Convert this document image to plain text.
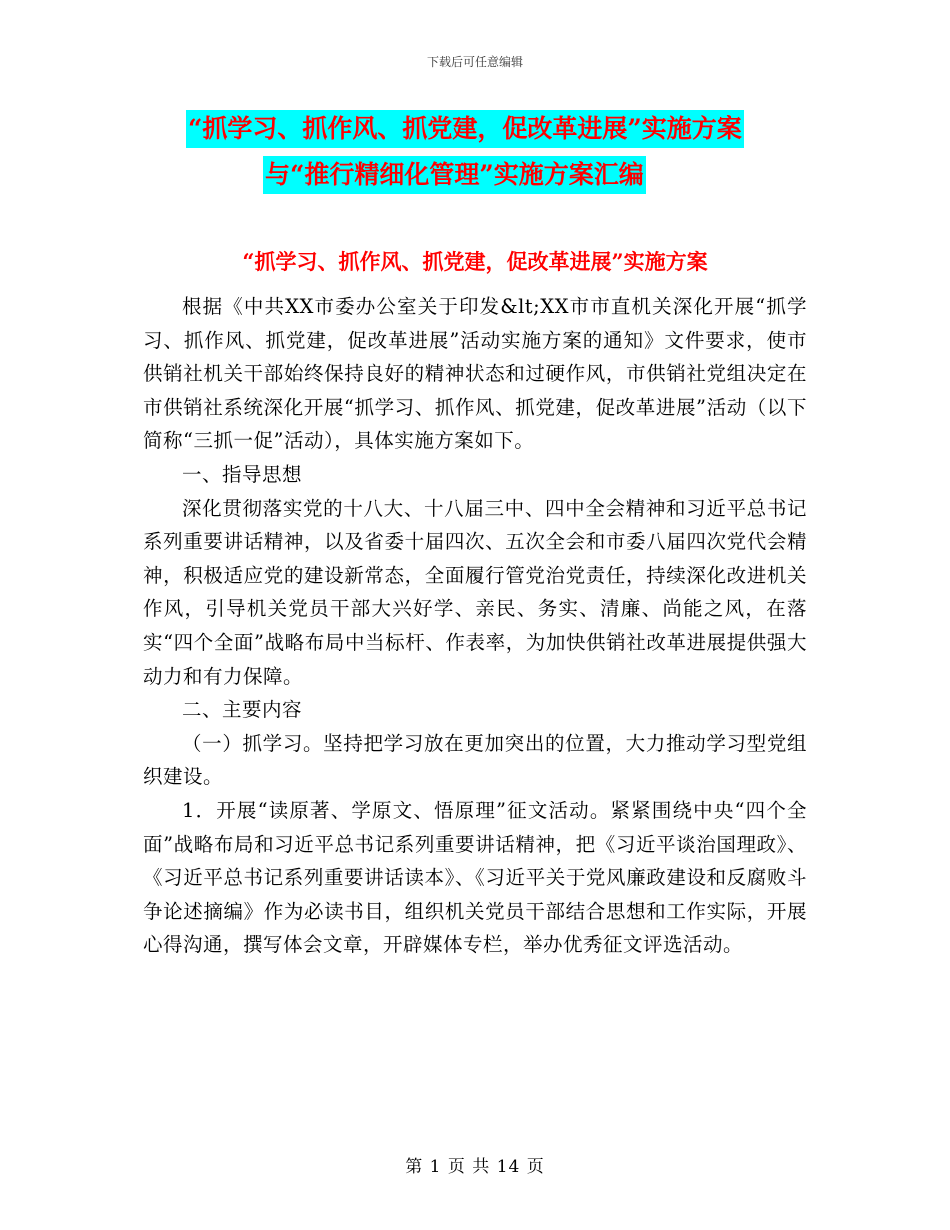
下载后可任意编辑
“抓学习、抓作风、抓党建，促改革进展”实施方案
与“推行精细化管理”实施方案汇编
“抓学习、抓作风、抓党建，促改革进展”实施方案

根据《中共XX市委办公室关于印发&lt;XX市市直机关深化开展“抓学习、抓作风、抓党建，促改革进展”活动实施方案的通知》文件要求，使市供销社机关干部始终保持良好的精神状态和过硬作风，市供销社党组决定在市供销社系统深化开展“抓学习、抓作风、抓党建，促改革进展”活动（以下简称“三抓一促”活动），具体实施方案如下。

一、指导思想

深化贯彻落实党的十八大、十八届三中、四中全会精神和习近平总书记系列重要讲话精神，以及省委十届四次、五次全会和市委八届四次党代会精神，积极适应党的建设新常态，全面履行管党治党责任，持续深化改进机关作风，引导机关党员干部大兴好学、亲民、务实、清廉、尚能之风，在落实“四个全面”战略布局中当标杆、作表率，为加快供销社改革进展提供强大动力和有力保障。

二、主要内容

（一）抓学习。坚持把学习放在更加突出的位置，大力推动学习型党组织建设。

1．开展“读原著、学原文、悟原理”征文活动。紧紧围绕中央“四个全面”战略布局和习近平总书记系列重要讲话精神，把《习近平谈治国理政》、《习近平总书记系列重要讲话读本》、《习近平关于党风廉政建设和反腐败斗争论述摘编》作为必读书目，组织机关党员干部结合思想和工作实际，开展心得沟通，撰写体会文章，开辟媒体专栏，举办优秀征文评选活动。

第 1 页 共 14 页
